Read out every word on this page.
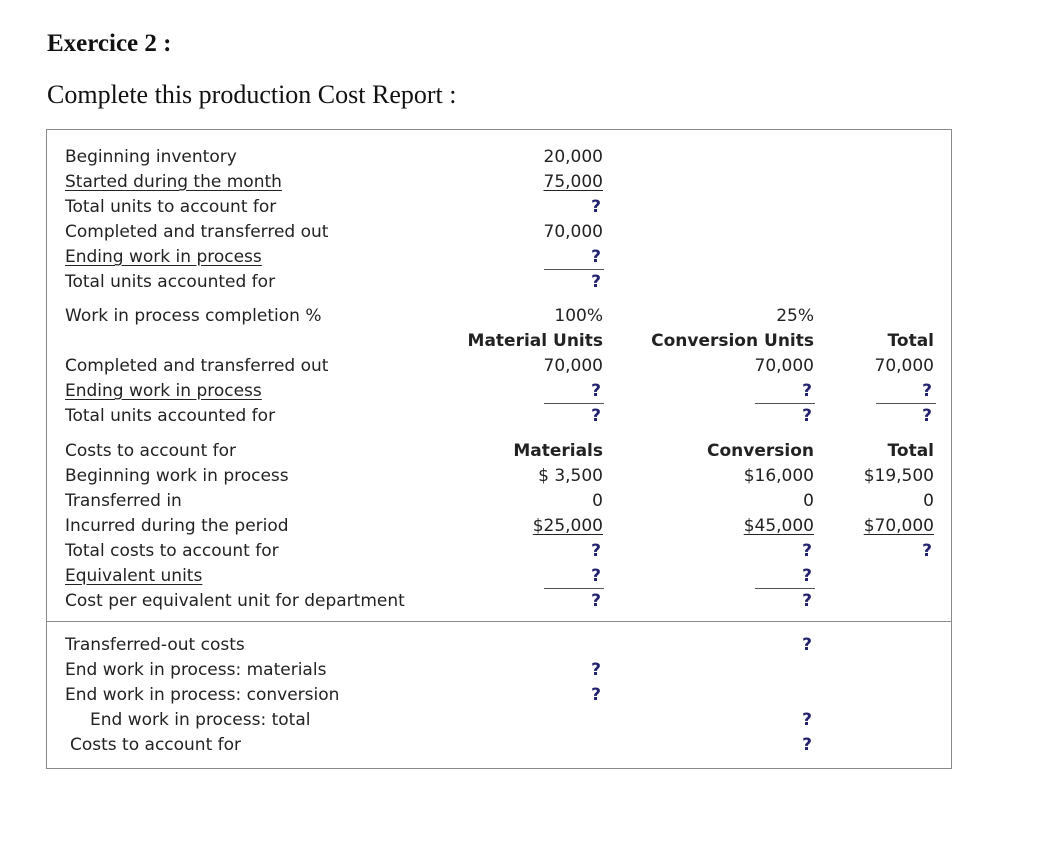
Exercice 2 :
Complete this production Cost Report :
Beginning inventory	20,000
Started during the month	75,000
Total units to account for	?
Completed and transferred out	70,000
Ending work in process	?
Total units accounted for	?
Work in process completion %	100%	25%
Material Units	Conversion Units	Total
Completed and transferred out	70,000	70,000	70,000
Ending work in process	?	?	?
Total units accounted for	?	?	?
Costs to account for	Materials	Conversion	Total
Beginning work in process	$ 3,500	$16,000	$19,500
Transferred in	0	0	0
Incurred during the period	$25,000	$45,000	$70,000
Total costs to account for	?	?	?
Equivalent units	?	?
Cost per equivalent unit for department	?	?
Transferred-out costs	?
End work in process: materials	?
End work in process: conversion	?
End work in process: total	?
Costs to account for	?
